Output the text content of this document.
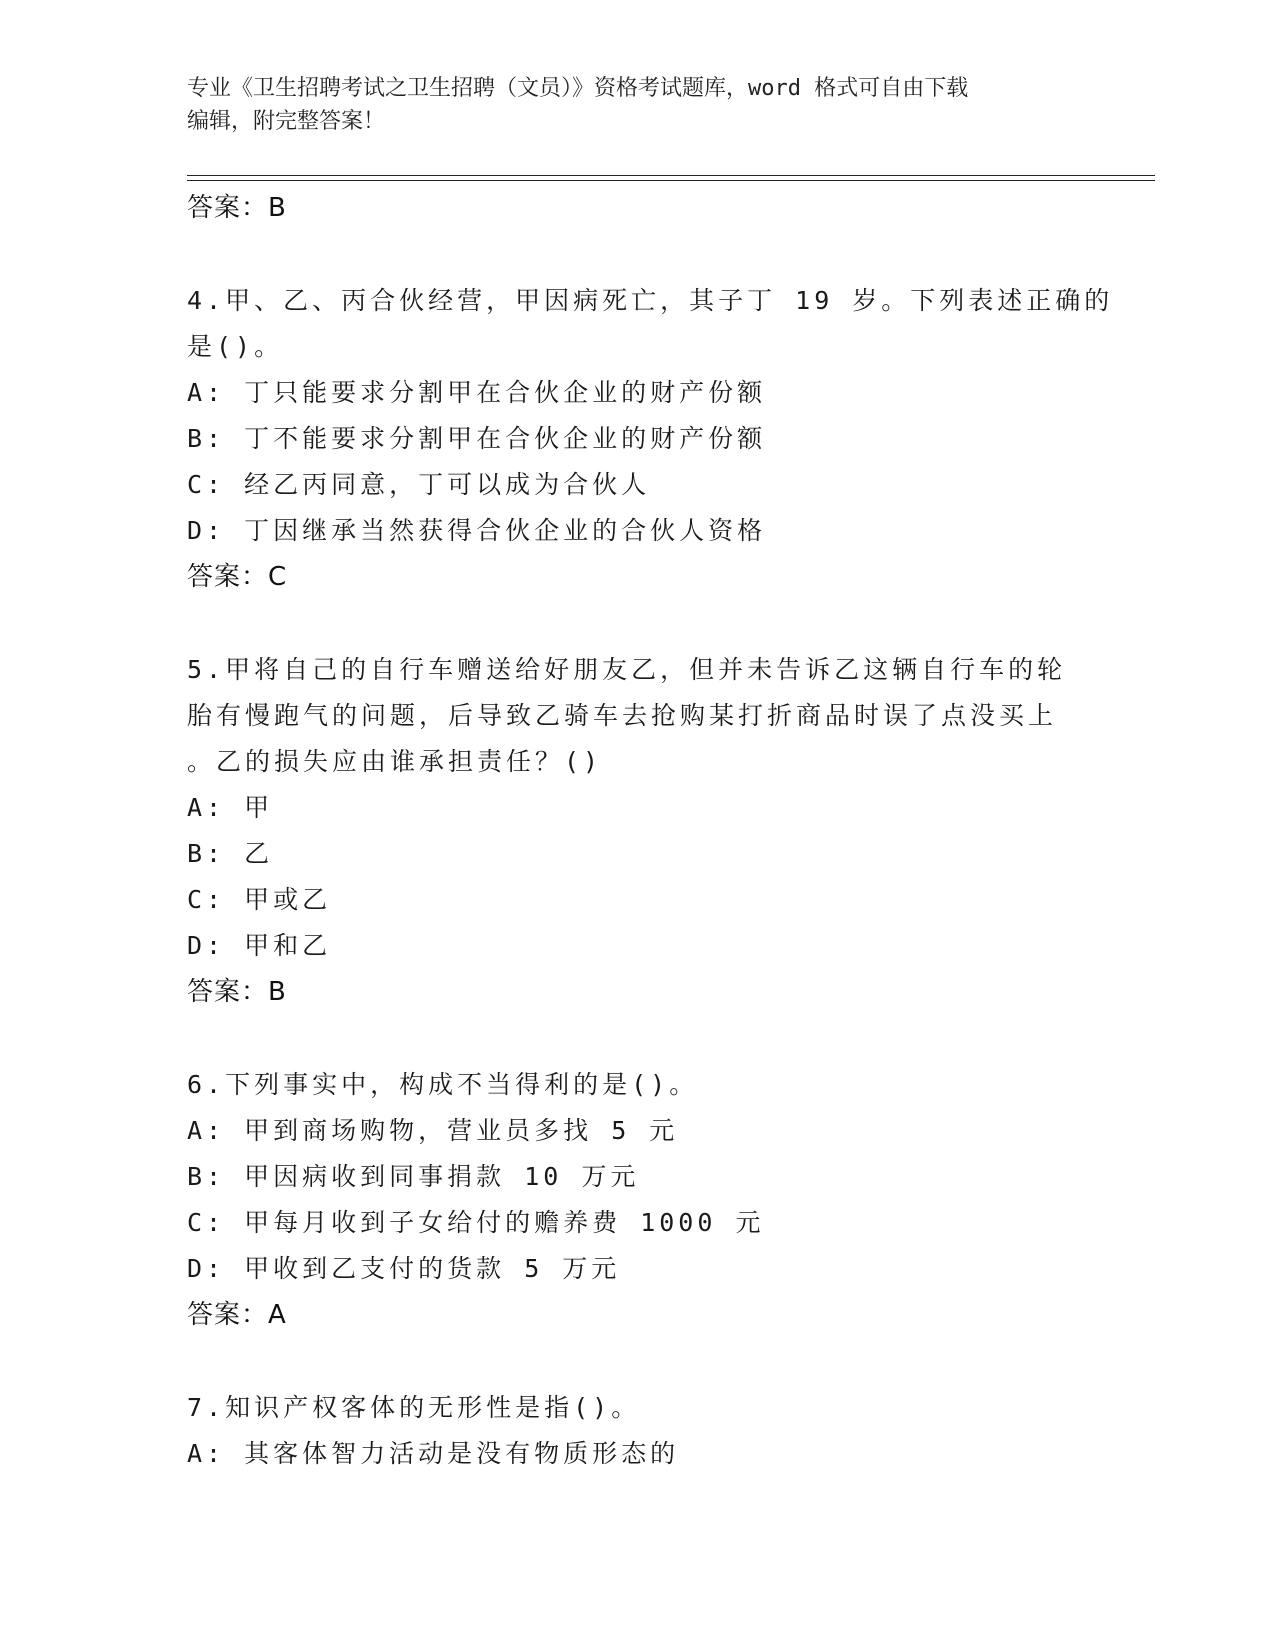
专业《卫生招聘考试之卫生招聘（文员）》资格考试题库，word 格式可自由下载
编辑，附完整答案！
答案：B
4.甲、乙、丙合伙经营，甲因病死亡，其子丁 19 岁。下列表述正确的
是()。
A: 丁只能要求分割甲在合伙企业的财产份额
B: 丁不能要求分割甲在合伙企业的财产份额
C: 经乙丙同意，丁可以成为合伙人
D: 丁因继承当然获得合伙企业的合伙人资格
答案：C
5.甲将自己的自行车赠送给好朋友乙，但并未告诉乙这辆自行车的轮
胎有慢跑气的问题，后导致乙骑车去抢购某打折商品时误了点没买上
。乙的损失应由谁承担责任？()
A: 甲
B: 乙
C: 甲或乙
D: 甲和乙
答案：B
6.下列事实中，构成不当得利的是()。
A: 甲到商场购物，营业员多找 5 元
B: 甲因病收到同事捐款 10 万元
C: 甲每月收到子女给付的赡养费 1000 元
D: 甲收到乙支付的货款 5 万元
答案：A
7.知识产权客体的无形性是指()。
A: 其客体智力活动是没有物质形态的
